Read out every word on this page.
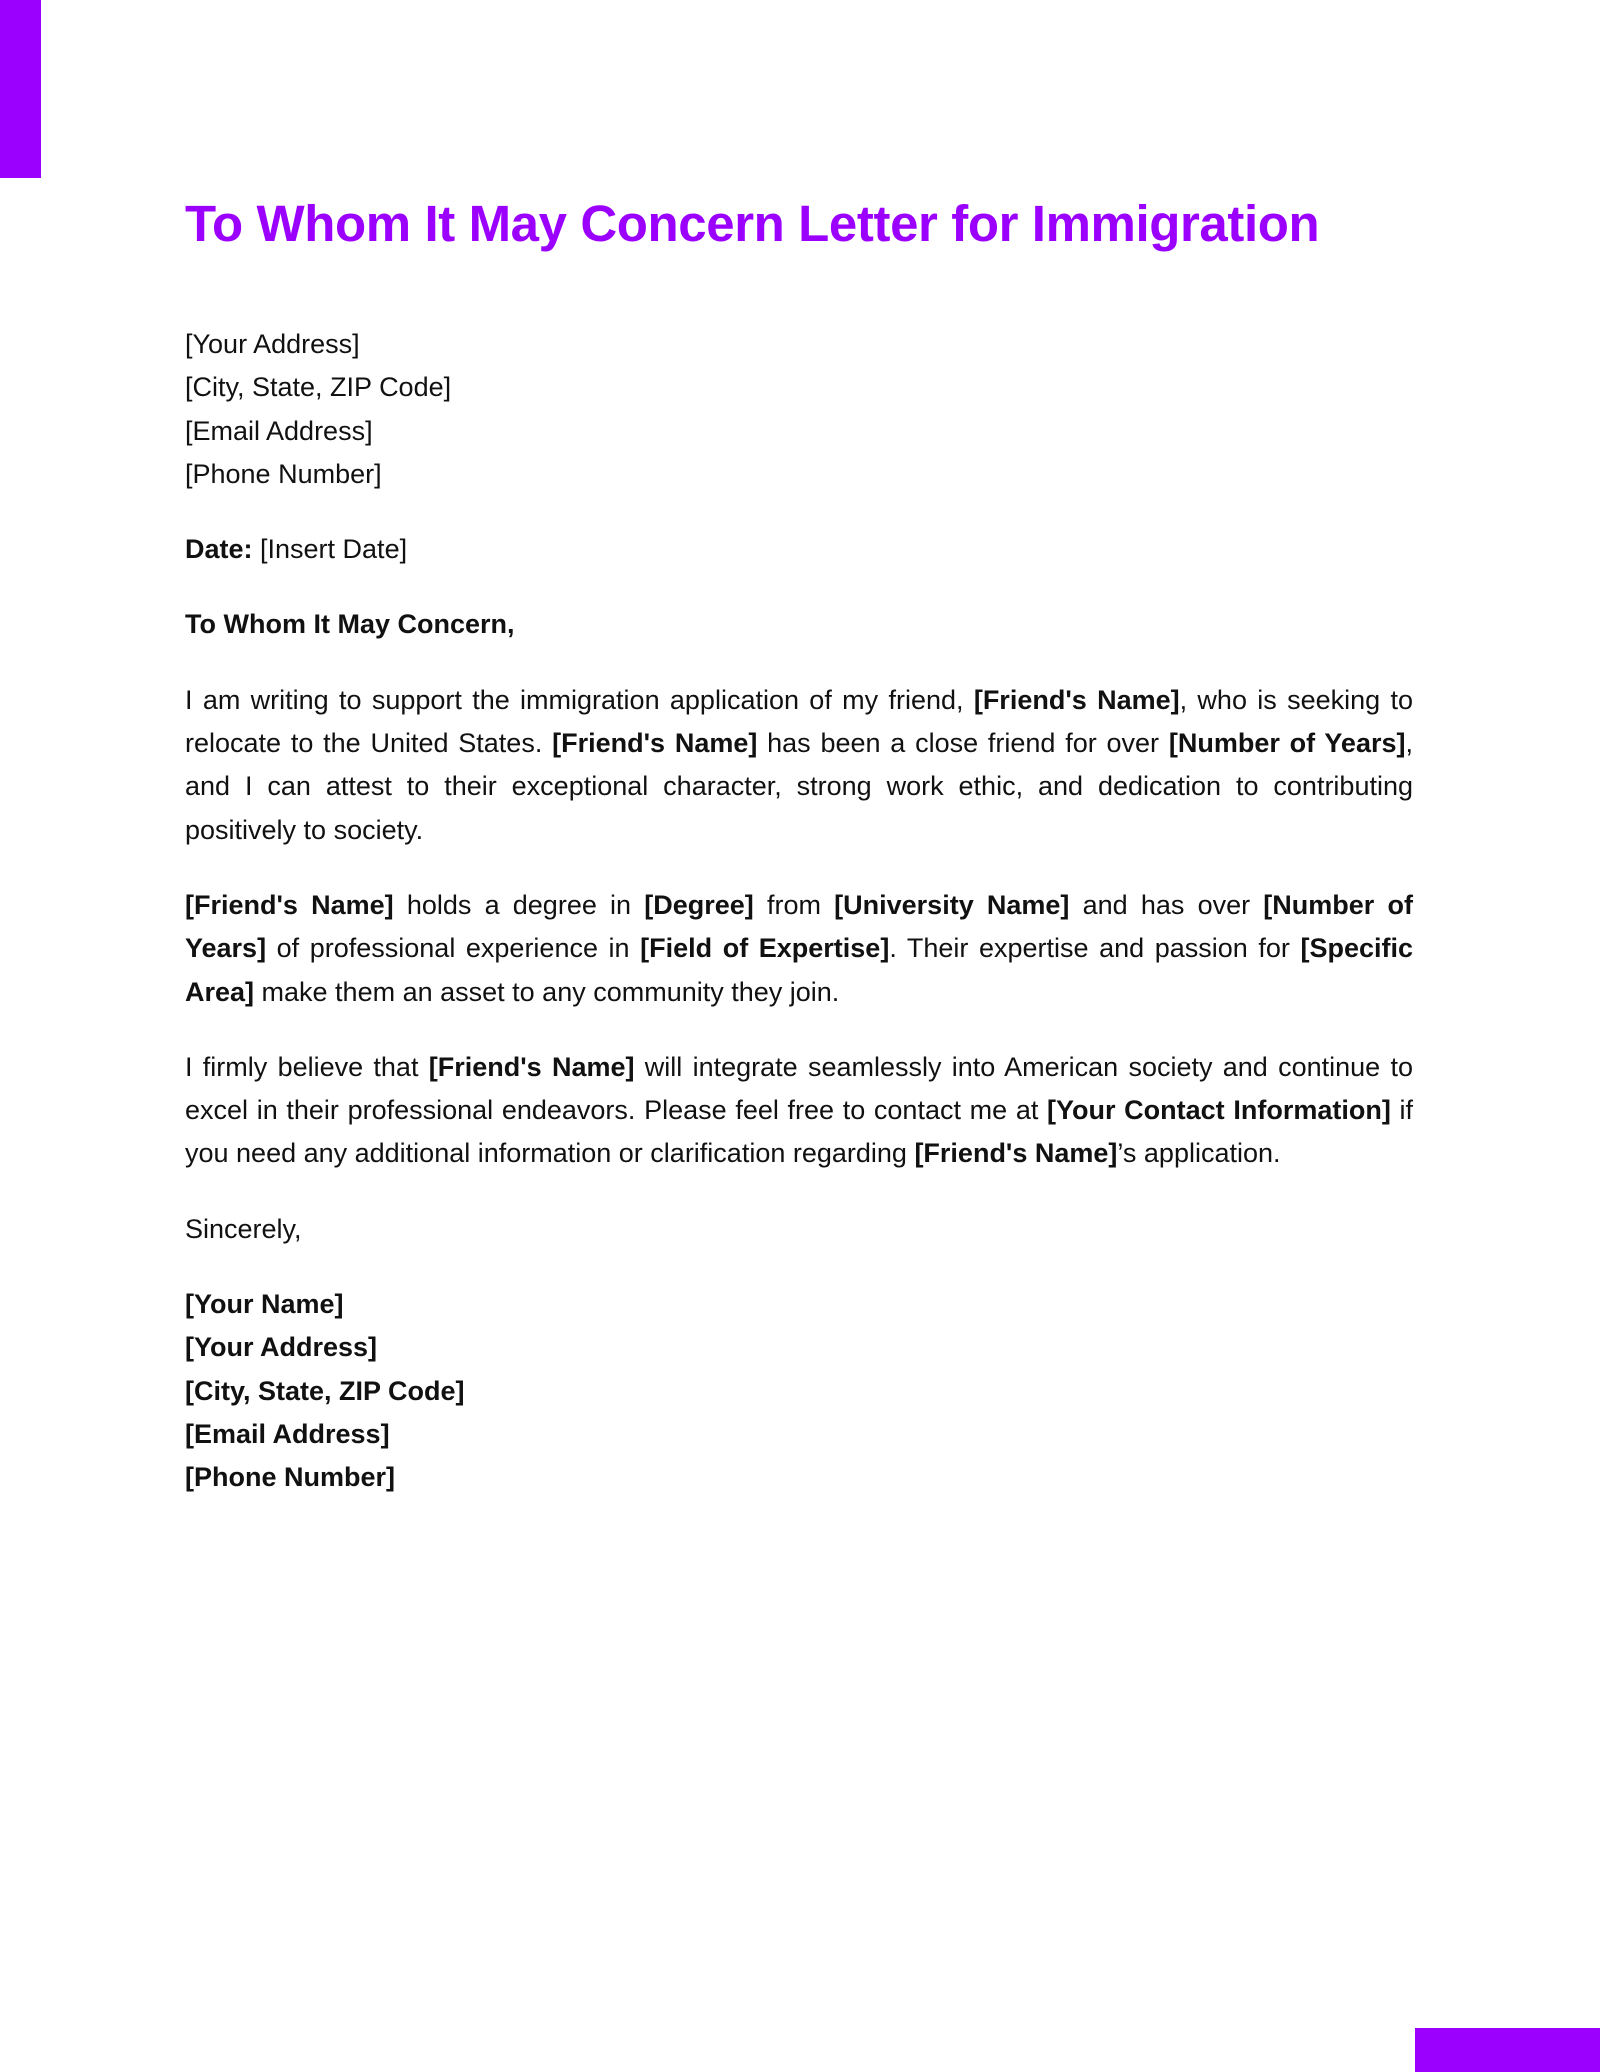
To Whom It May Concern Letter for Immigration
[Your Address]
[City, State, ZIP Code]
[Email Address]
[Phone Number]
Date: [Insert Date]
To Whom It May Concern,

I am writing to support the immigration application of my friend, [Friend's Name], who is seeking to relocate to the United States. [Friend's Name] has been a close friend for over [Number of Years], and I can attest to their exceptional character, strong work ethic, and dedication to contributing positively to society.

[Friend's Name] holds a degree in [Degree] from [University Name] and has over [Number of Years] of professional experience in [Field of Expertise]. Their expertise and passion for [Specific Area] make them an asset to any community they join.

I firmly believe that [Friend's Name] will integrate seamlessly into American society and continue to excel in their professional endeavors. Please feel free to contact me at [Your Contact Information] if you need any additional information or clarification regarding [Friend's Name]’s application.

Sincerely,
[Your Name]
[Your Address]
[City, State, ZIP Code]
[Email Address]
[Phone Number]
